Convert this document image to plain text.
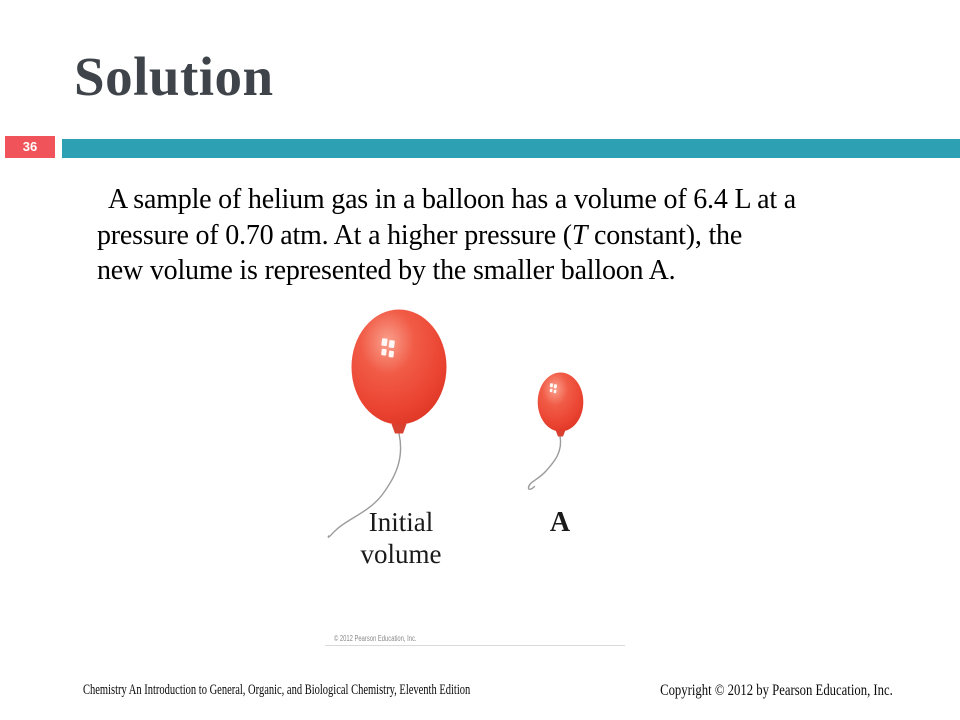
Solution
36
A sample of helium gas in a balloon has a volume of 6.4 L at a
pressure of 0.70 atm. At a higher pressure (T constant), the
new volume is represented by the smaller balloon A.
Initial
volume
A
© 2012 Pearson Education, Inc.
Chemistry An Introduction to General, Organic, and Biological Chemistry, Eleventh Edition	Copyright © 2012 by Pearson Education, Inc.
